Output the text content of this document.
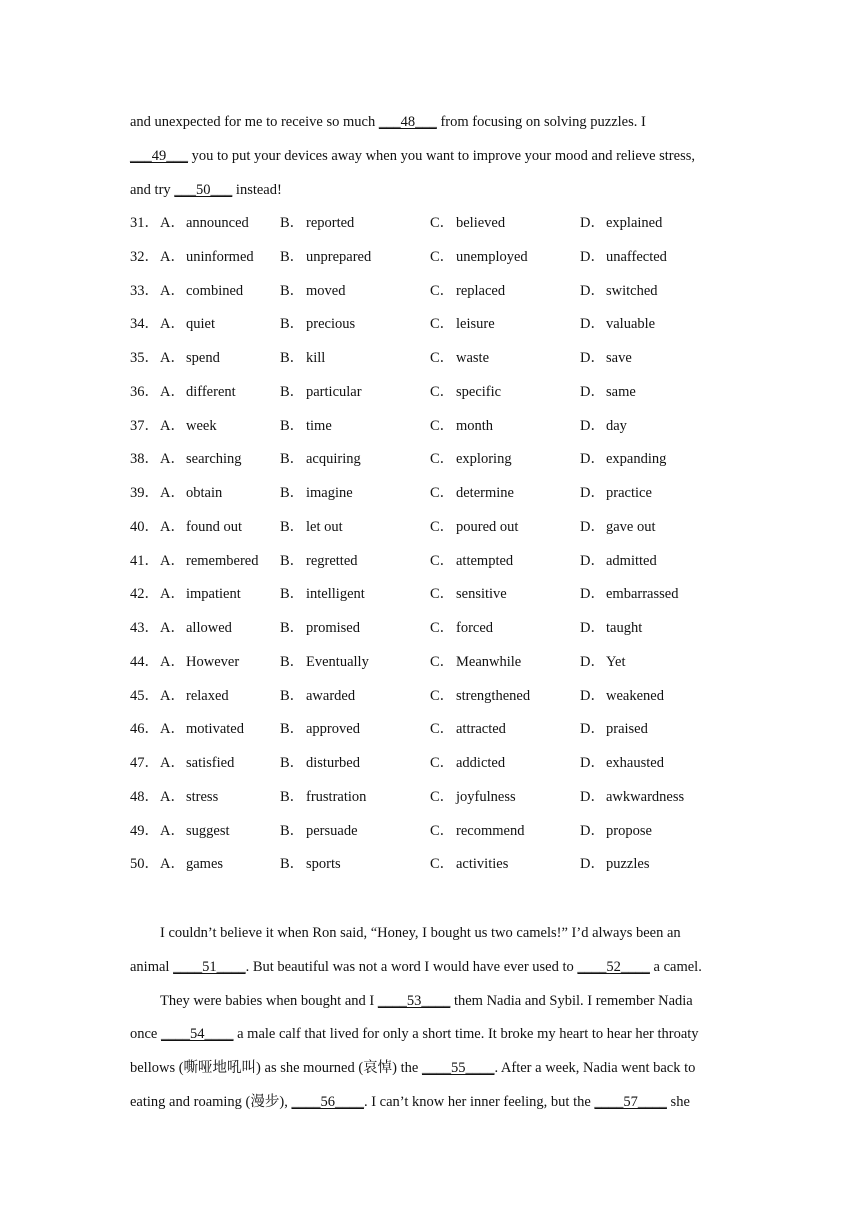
and unexpected for me to receive so much ___48___ from focusing on solving puzzles. I
___49___ you to put your devices away when you want to improve your mood and relieve stress,
and try ___50___ instead!
31． A．announced B． reported	C． believed	D．explained
32． A．uninformed B． unprepared	C． unemployed	D．unaffected
33． A．combined	B． moved	C． replaced	D．switched
34． A．quiet	B． precious	C． leisure	D．valuable
35． A．spend	B． kill	C． waste	D．save
36． A．different	B． particular	C． specific	D．same
37． A．week	B． time	C． month	D．day
38． A．searching	B． acquiring	C． exploring	D．expanding
39． A．obtain	B． imagine	C． determine	D．practice
40． A．found out	B． let out	C． poured out	D．gave out
41． A．remembered B． regretted	C． attempted	D．admitted
42． A．impatient	B． intelligent	C． sensitive	D．embarrassed
43． A．allowed	B． promised	C． forced	D．taught
44． A．However	B． Eventually	C． Meanwhile	D．Yet
45． A．relaxed	B． awarded	C． strengthened	D．weakened
46． A．motivated B． approved	C． attracted	D．praised
47． A．satisfied	B． disturbed	C． addicted	D．exhausted
48． A．stress	B． frustration	C． joyfulness	D．awkwardness
49． A．suggest	B． persuade	C． recommend	D．propose
50． A．games	B． sports	C． activities	D．puzzles
I couldn’t believe it when Ron said, “Honey, I bought us two camels!” I’d always been an
animal ____51____. But beautiful was not a word I would have ever used to ____52____ a camel.
They were babies when bought and I ____53____ them Nadia and Sybil. I remember Nadia
once ____54____ a male calf that lived for only a short time. It broke my heart to hear her throaty
bellows (嘶哑地吼叫) as she mourned (哀悼) the ____55____. After a week, Nadia went back to
eating and roaming (漫步), ____56____. I can’t know her inner feeling, but the ____57____ she
